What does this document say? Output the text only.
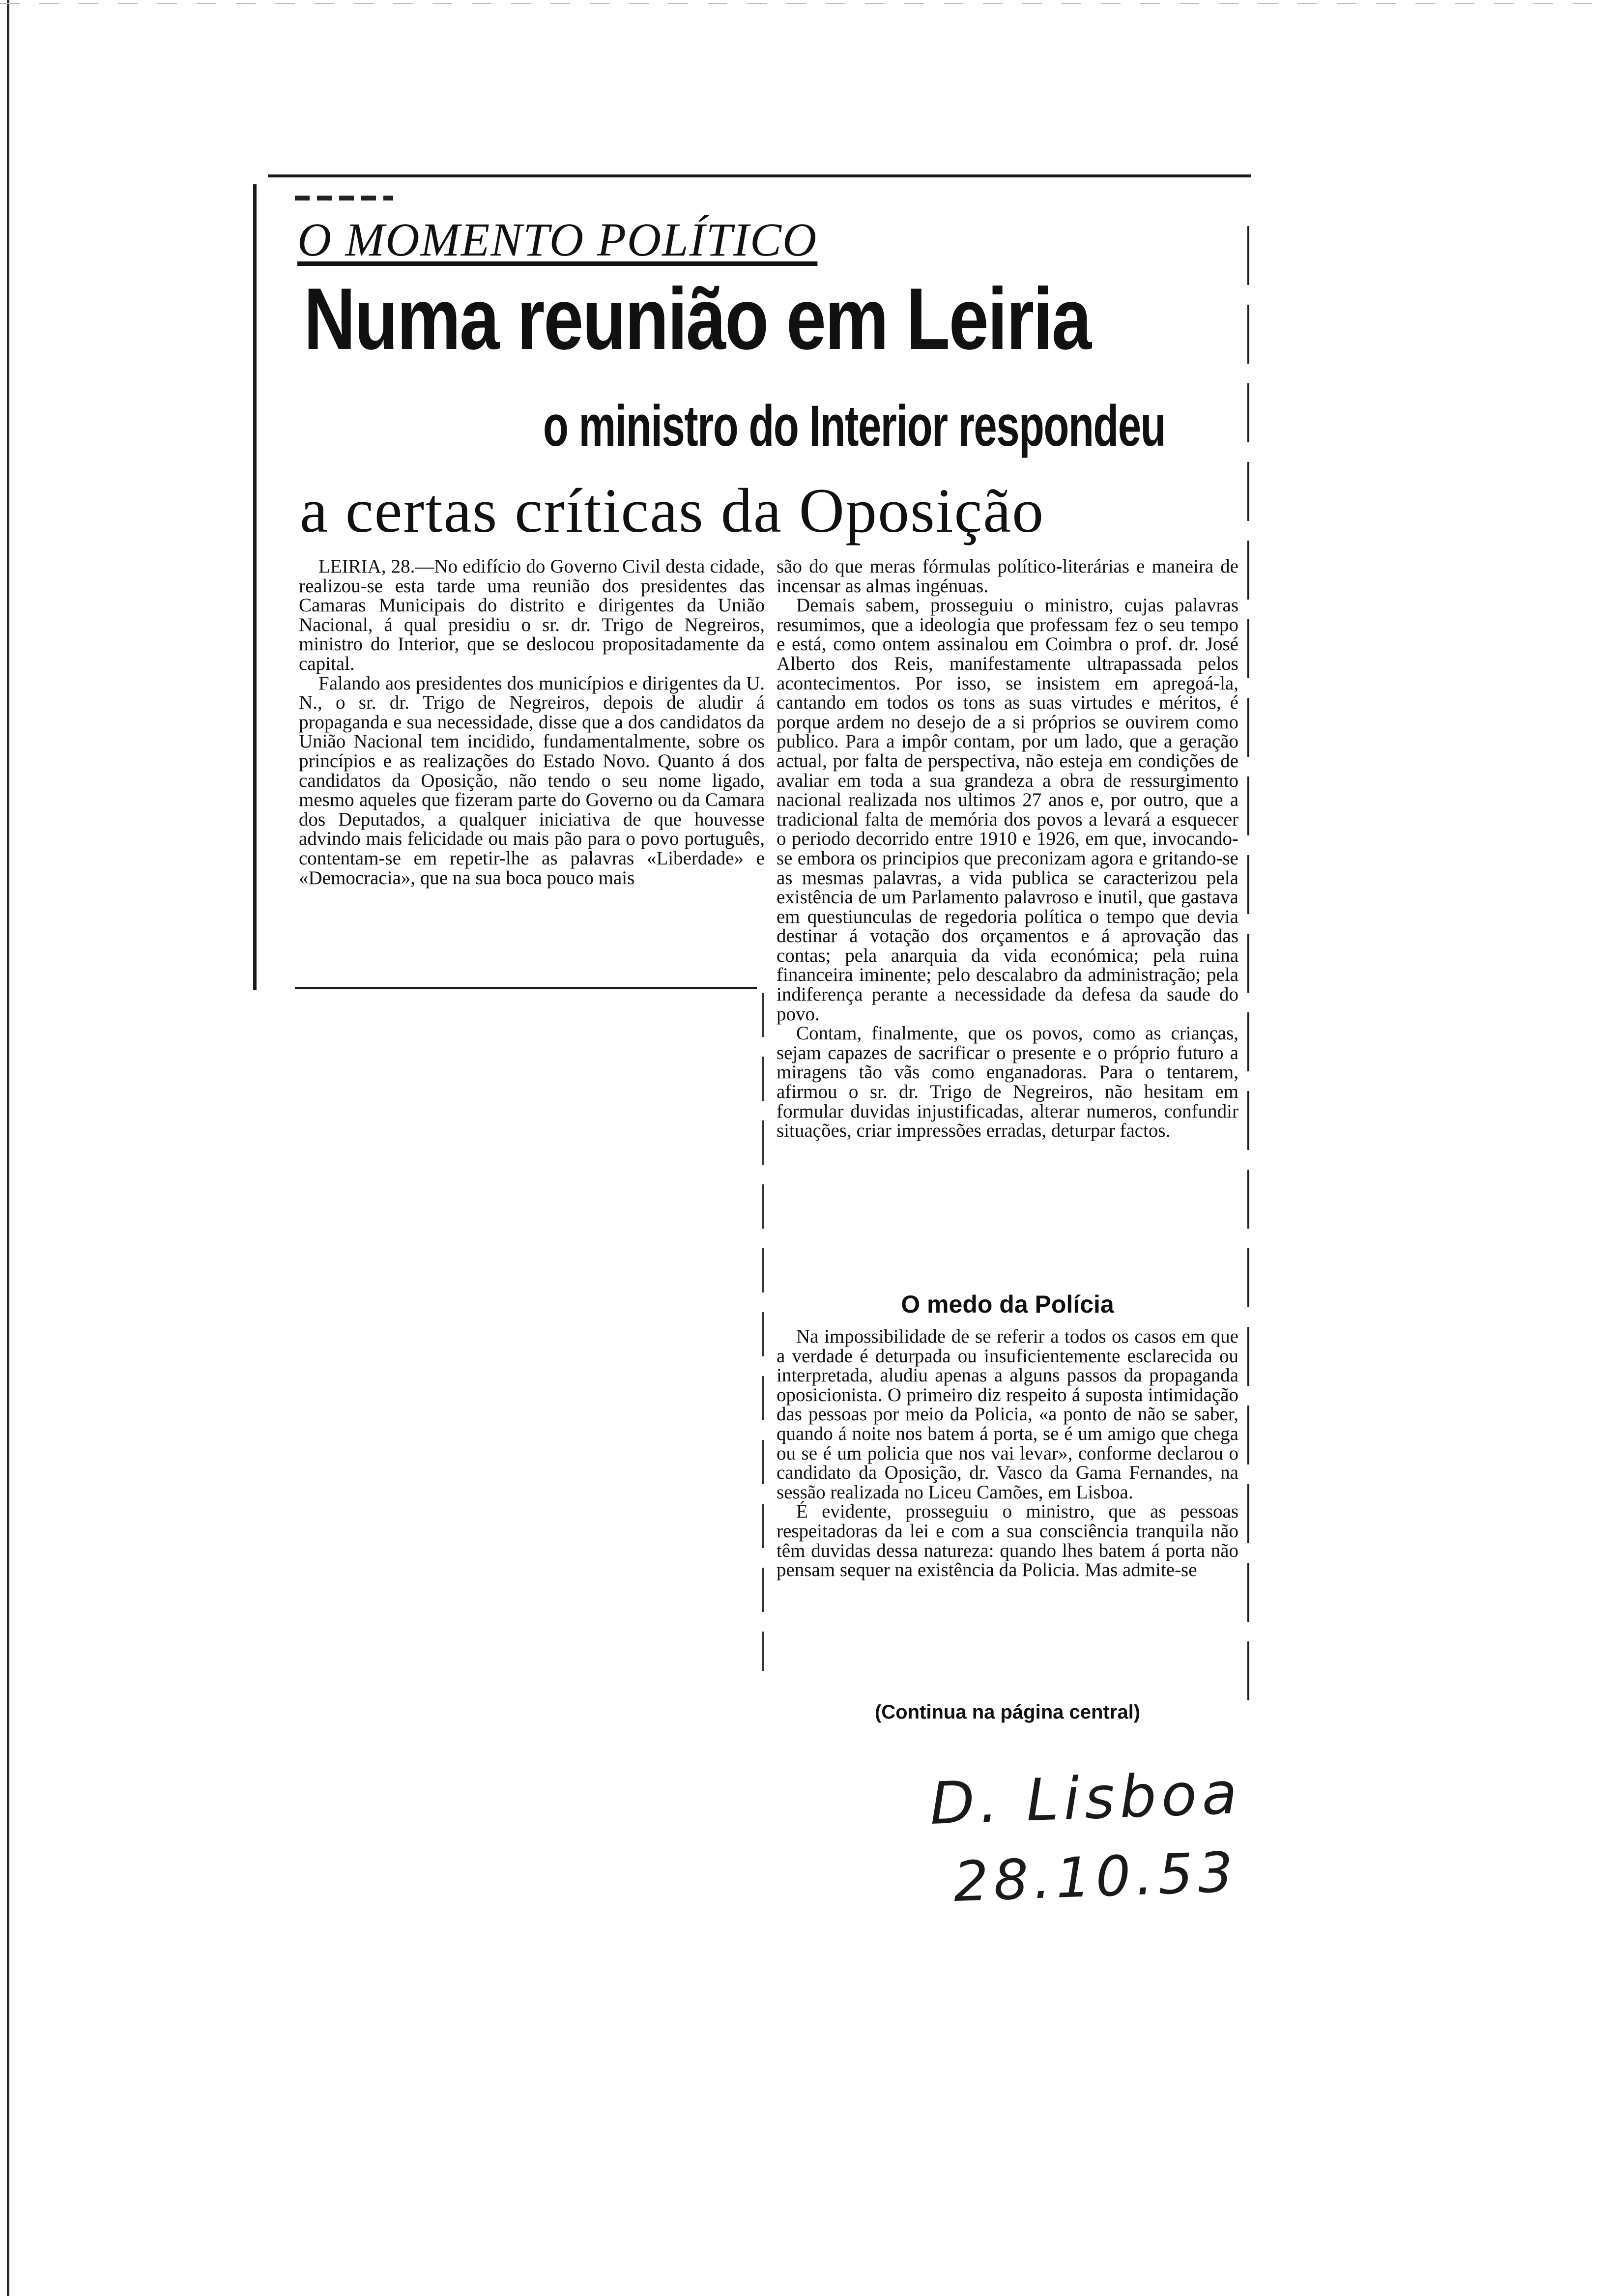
O MOMENTO POLÍTICO
Numa reunião em Leiria
o ministro do Interior respondeu
a certas críticas da Oposição

LEIRIA, 28.—No edifício do Governo Civil desta cidade, realizou-se esta tarde uma reunião dos presidentes das Camaras Municipais do distrito e dirigentes da União Nacional, á qual presidiu o sr. dr. Trigo de Negreiros, ministro do Interior, que se deslocou propositadamente da capital.

Falando aos presidentes dos municípios e dirigentes da U. N., o sr. dr. Trigo de Negreiros, depois de aludir á propaganda e sua necessidade, disse que a dos candidatos da União Nacional tem incidido, fundamentalmente, sobre os princípios e as realizações do Estado Novo. Quanto á dos candidatos da Oposição, não tendo o seu nome ligado, mesmo aqueles que fizeram parte do Governo ou da Camara dos Deputados, a qualquer iniciativa de que houvesse advindo mais felicidade ou mais pão para o povo português, contentam-se em repetir-lhe as palavras «Liberdade» e «Democracia», que na sua boca pouco mais

são do que meras fórmulas político-literárias e maneira de incensar as almas ingénuas.

Demais sabem, prosseguiu o ministro, cujas palavras resumimos, que a ideologia que professam fez o seu tempo e está, como ontem assinalou em Coimbra o prof. dr. José Alberto dos Reis, manifestamente ultrapassada pelos acontecimentos. Por isso, se insistem em apregoá-la, cantando em todos os tons as suas virtudes e méritos, é porque ardem no desejo de a si próprios se ouvirem como publico. Para a impôr contam, por um lado, que a geração actual, por falta de perspectiva, não esteja em condições de avaliar em toda a sua grandeza a obra de ressurgimento nacional realizada nos ultimos 27 anos e, por outro, que a tradicional falta de memória dos povos a levará a esquecer o periodo decorrido entre 1910 e 1926, em que, invocando-se embora os principios que preconizam agora e gritando-se as mesmas palavras, a vida publica se caracterizou pela existência de um Parlamento palavroso e inutil, que gastava em questiunculas de regedoria política o tempo que devia destinar á votação dos orçamentos e á aprovação das contas; pela anarquia da vida económica; pela ruina financeira iminente; pelo descalabro da administração; pela indiferença perante a necessidade da defesa da saude do povo.

Contam, finalmente, que os povos, como as crianças, sejam capazes de sacrificar o presente e o próprio futuro a miragens tão vãs como enganadoras. Para o tentarem, afirmou o sr. dr. Trigo de Negreiros, não hesitam em formular duvidas injustificadas, alterar numeros, confundir situações, criar impressões erradas, deturpar factos.

O medo da Polícia

Na impossibilidade de se referir a todos os casos em que a verdade é deturpada ou insuficientemente esclarecida ou interpretada, aludiu apenas a alguns passos da propaganda oposicionista. O primeiro diz respeito á suposta intimidação das pessoas por meio da Policia, «a ponto de não se saber, quando á noite nos batem á porta, se é um amigo que chega ou se é um policia que nos vai levar», conforme declarou o candidato da Oposição, dr. Vasco da Gama Fernandes, na sessão realizada no Liceu Camões, em Lisboa.

É evidente, prosseguiu o ministro, que as pessoas respeitadoras da lei e com a sua consciência tranquila não têm duvidas dessa natureza: quando lhes batem á porta não pensam sequer na existência da Policia. Mas admite-se

(Continua na página central)
D. Lisboa
28.10.53
